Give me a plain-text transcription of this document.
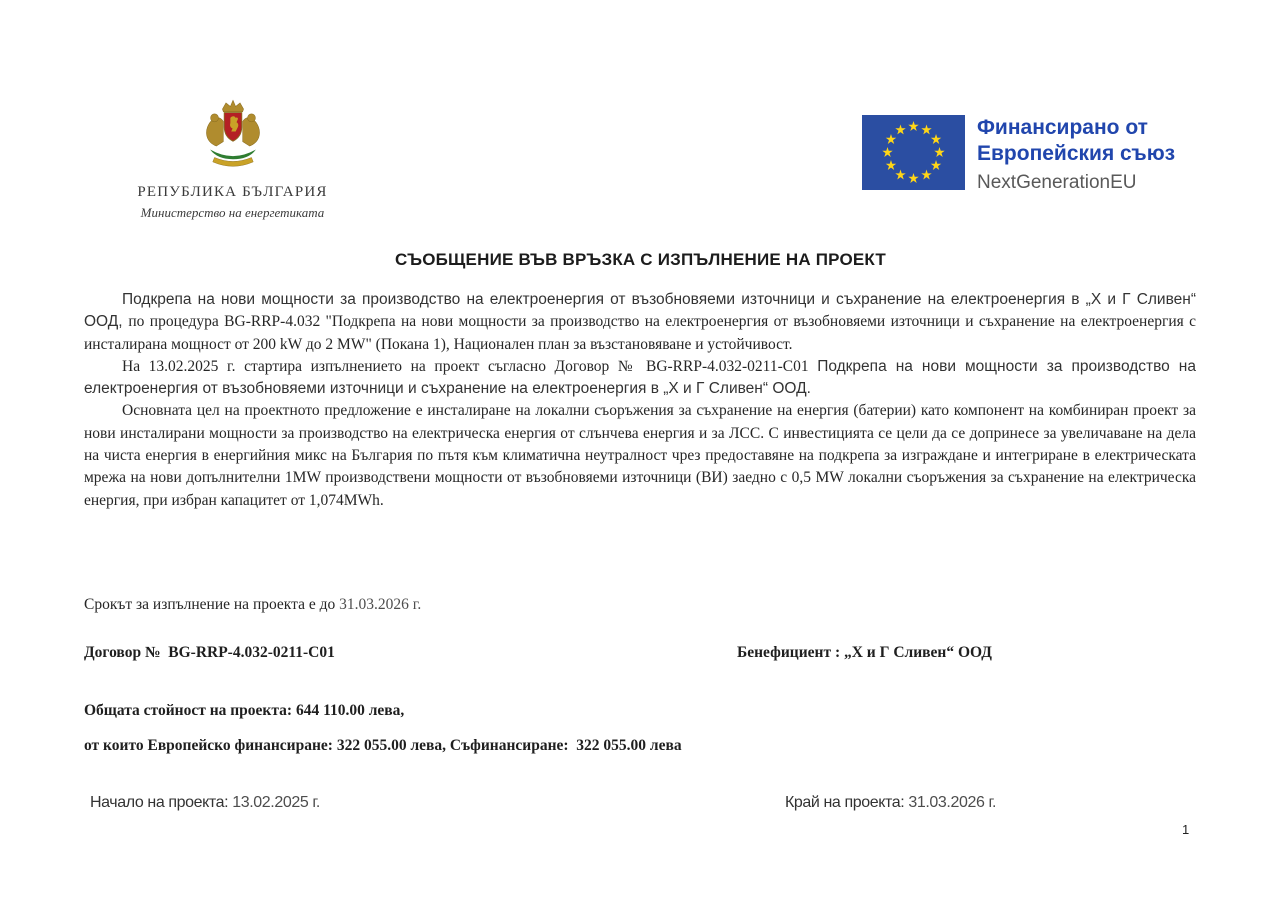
РЕПУБЛИКА БЪЛГАРИЯ
Министерство на енергетиката
Финансирано от
Европейския съюз
NextGenerationEU
СЪОБЩЕНИЕ ВЪВ ВРЪЗКА С ИЗПЪЛНЕНИЕ НА ПРОЕКТ

Подкрепа на нови мощности за производство на електроенергия от възобновяеми източници и съхранение на електроенергия в „Х и Г Сливен“ ООД, по процедура BG-RRP-4.032 "Подкрепа на нови мощности за производство на електроенергия от възобновяеми източници и съхранение на електроенергия с инсталирана мощност от 200 kW до 2 MW" (Покана 1), Национален план за възстановяване и устойчивост.

На 13.02.2025 г. стартира изпълнението на проект съгласно Договор № BG-RRP-4.032-0211-C01 Подкрепа на нови мощности за производство на електроенергия от възобновяеми източници и съхранение на електроенергия в „Х и Г Сливен“ ООД.

Основната цел на проектното предложение е инсталиране на локални съоръжения за съхранение на енергия (батерии) като компонент на комбиниран проект за нови инсталирани мощности за производство на електрическа енергия от слънчева енергия и за ЛСС. С инвестицията се цели да се допринесе за увеличаване на дела на чиста енергия в енергийния микс на България по пътя към климатична неутралност чрез предоставяне на подкрепа за изграждане и интегриране в електрическата мрежа на нови допълнителни 1MW производствени мощности от възобновяеми източници (ВИ) заедно с 0,5 MW локални съоръжения за съхранение на електрическа енергия, при избран капацитет от 1,074MWh.

Срокът за изпълнение на проекта е до 31.03.2026 г.
Договор №  BG-RRP-4.032-0211-C01	Бенефициент : „Х и Г Сливен“ ООД
Общата стойност на проекта: 644 110.00 лева,
от които Европейско финансиране: 322 055.00 лева, Съфинансиране:  322 055.00 лева
Начало на проекта: 13.02.2025 г.	Край на проекта: 31.03.2026 г.
1
